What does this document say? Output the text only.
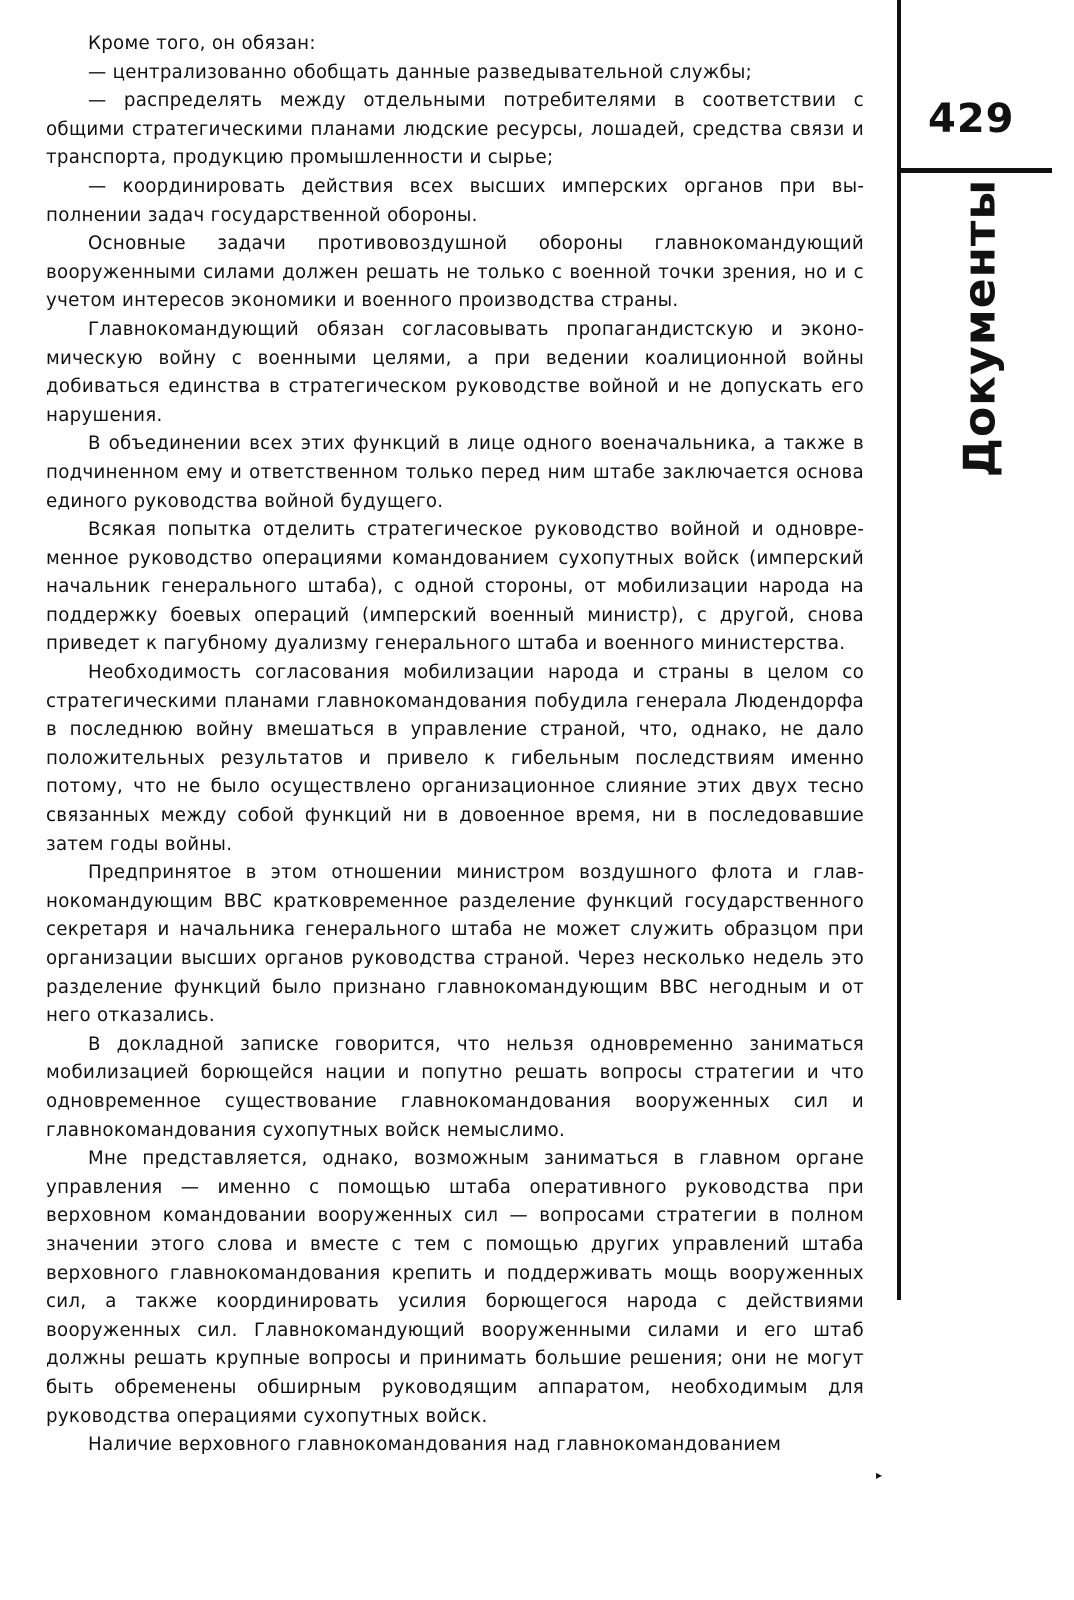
Кроме того, он обязан:

— централизованно обобщать данные разведывательной службы;

— распределять между отдельными потребителями в соответствии с общими стратегическими планами людские ресурсы, лошадей, средства связи и транспорта, продукцию промышленности и сырье;

— координировать действия всех высших имперских органов при выполнении задач государственной обороны.

Основные задачи противовоздушной обороны главнокомандующий вооруженными силами должен решать не только с военной точки зрения, но и с учетом интересов экономики и военного производства страны.

Главнокомандующий обязан согласовывать пропагандистскую и экономическую войну с военными целями, а при ведении коалиционной войны добиваться единства в стратегическом руководстве войной и не допускать его нарушения.

В объединении всех этих функций в лице одного военачальника, а также в подчиненном ему и ответственном только перед ним штабе заключается основа единого руководства войной будущего.

Всякая попытка отделить стратегическое руководство войной и одновременное руководство операциями командованием сухопутных войск (имперский начальник генерального штаба), с одной стороны, от мобилизации народа на поддержку боевых операций (имперский военный министр), с другой, снова приведет к пагубному дуализму генерального штаба и военного министерства.

Необходимость согласования мобилизации народа и страны в целом со стратегическими планами главнокомандования побудила генерала Людендорфа в последнюю войну вмешаться в управление страной, что, однако, не дало положительных результатов и привело к гибельным последствиям именно потому, что не было осуществлено организационное слияние этих двух тесно связанных между собой функций ни в довоенное время, ни в последовавшие затем годы войны.

Предпринятое в этом отношении министром воздушного флота и главнокомандующим ВВС кратковременное разделение функций государственного секретаря и начальника генерального штаба не может служить образцом при организации высших органов руководства страной. Через несколько недель это разделение функций было признано главнокомандующим ВВС негодным и от него отказались.

В докладной записке говорится, что нельзя одновременно заниматься мобилизацией борющейся нации и попутно решать вопросы стратегии и что одновременное существование главнокомандования вооруженных сил и главнокомандования сухопутных войск немыслимо.

Мне представляется, однако, возможным заниматься в главном органе управления — именно с помощью штаба оперативного руководства при верховном командовании вооруженных сил — вопросами стратегии в полном значении этого слова и вместе с тем с помощью других управлений штаба верховного главнокомандования крепить и поддерживать мощь вооруженных сил, а также координировать усилия борющегося народа с действиями вооруженных сил. Главнокомандующий вооруженными силами и его штаб должны решать крупные вопросы и принимать большие решения; они не могут быть обременены обширным руководящим аппаратом, необходимым для руководства операциями сухопутных войск.

Наличие верховного главнокомандования над главнокомандованием

▸
429
Документы
